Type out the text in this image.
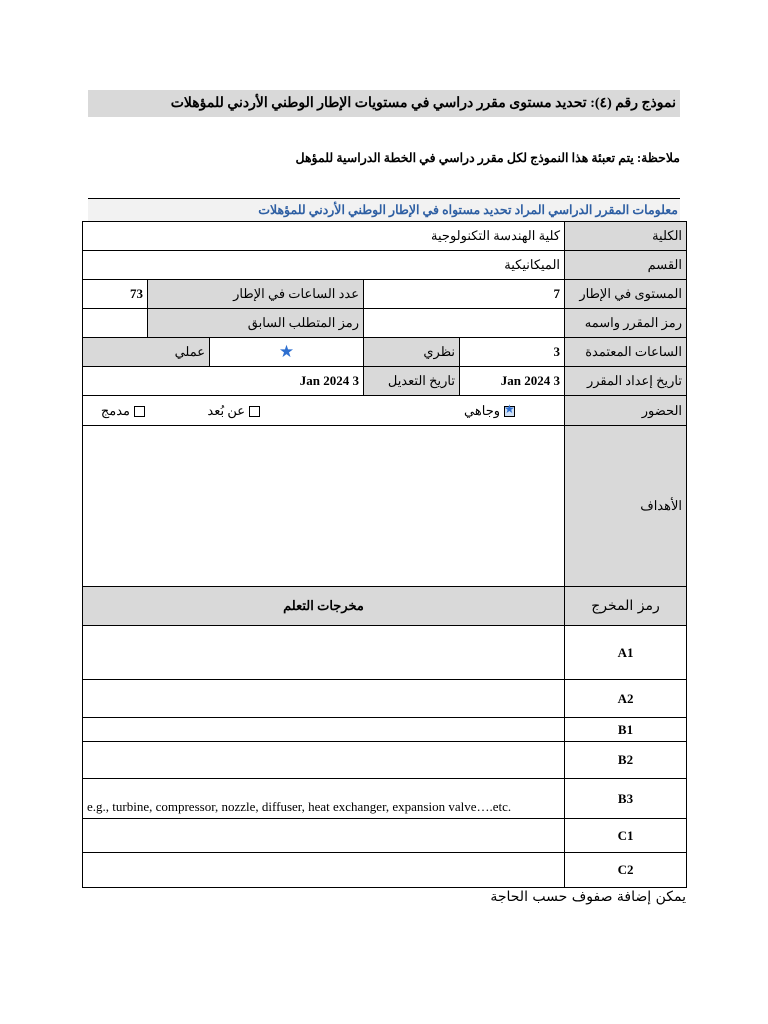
نموذج رقم (٤): تحديد مستوى مقرر دراسي في مستويات الإطار الوطني الأردني للمؤهلات
ملاحظة: يتم تعبئة هذا النموذج لكل مقرر دراسي في الخطة الدراسية للمؤهل
معلومات المقرر الدراسي المراد تحديد مستواه في الإطار الوطني الأردني للمؤهلات
الكلية	كلية الهندسة التكنولوجية				
القسم	الميكانيكية				
المستوى في الإطار	7		عدد الساعات في الإطار		73
رمز المقرر واسمه			رمز المتطلب السابق		
الساعات المعتمدة	3	نظري	★	عملي	
تاريخ إعداد المقرر	3 Jan 2024	تاريخ التعديل	3 Jan 2024		
الحضور	
★وجاهي
عن بُعد
مدمج

الأهداف					
رمز المخرج	مخرجات التعلم				
A1					
A2					
B1					
B2					
B3	e.g., turbine, compressor, nozzle, diffuser, heat exchanger, expansion valve….etc.				
C1					
C2					
يمكن إضافة صفوف حسب الحاجة
